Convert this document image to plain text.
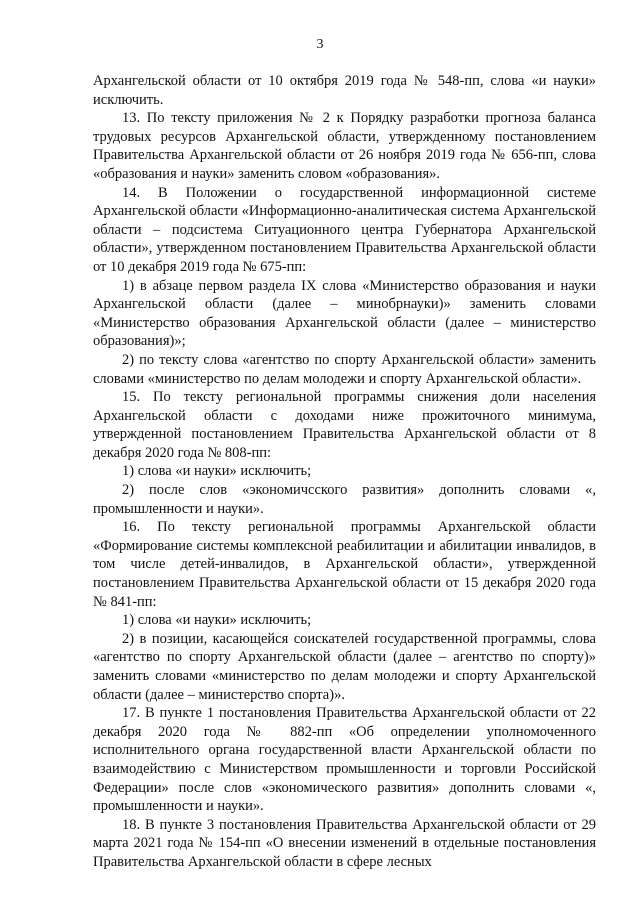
3

Архангельской области от 10 октября 2019 года № 548-пп, слова «и науки» исключить.

13. По тексту приложения № 2 к Порядку разработки прогноза баланса трудовых ресурсов Архангельской области, утвержденному постановлением Правительства Архангельской области от 26 ноября 2019 года № 656-пп, слова «образования и науки» заменить словом «образования».

14. В Положении о государственной информационной системе Архангельской области «Информационно-аналитическая система Архангельской области – подсистема Ситуационного центра Губернатора Архангельской области», утвержденном постановлением Правительства Архангельской области от 10 декабря 2019 года № 675-пп:

1) в абзаце первом раздела IX слова «Министерство образования и науки Архангельской области (далее – минобрнауки)» заменить словами «Министерство образования Архангельской области (далее – министерство образования)»;

2) по тексту слова «агентство по спорту Архангельской области» заменить словами «министерство по делам молодежи и спорту Архангельской области».

15. По тексту региональной программы снижения доли населения Архангельской области с доходами ниже прожиточного минимума, утвержденной постановлением Правительства Архангельской области от 8 декабря 2020 года № 808-пп:

1) слова «и науки» исключить;

2) после слов «экономичсского развития» дополнить словами «, промышленности и науки».

16. По тексту региональной программы Архангельской области «Формирование системы комплексной реабилитации и абилитации инвалидов, в том числе детей-инвалидов, в Архангельской области», утвержденной постановлением Правительства Архангельской области от 15 декабря 2020 года № 841-пп:

1) слова «и науки» исключить;

2) в позиции, касающейся соискателей государственной программы, слова «агентство по спорту Архангельской области (далее – агентство по спорту)» заменить словами «министерство по делам молодежи и спорту Архангельской области (далее – министерство спорта)».

17. В пункте 1 постановления Правительства Архангельской области от 22 декабря 2020 года № 882-пп «Об определении уполномоченного исполнительного органа государственной власти Архангельской области по взаимодействию с Министерством промышленности и торговли Российской Федерации» после слов «экономического развития» дополнить словами «, промышленности и науки».

18. В пункте 3 постановления Правительства Архангельской области от 29 марта 2021 года № 154-пп «О внесении изменений в отдельные постановления Правительства Архангельской области в сфере лесных
